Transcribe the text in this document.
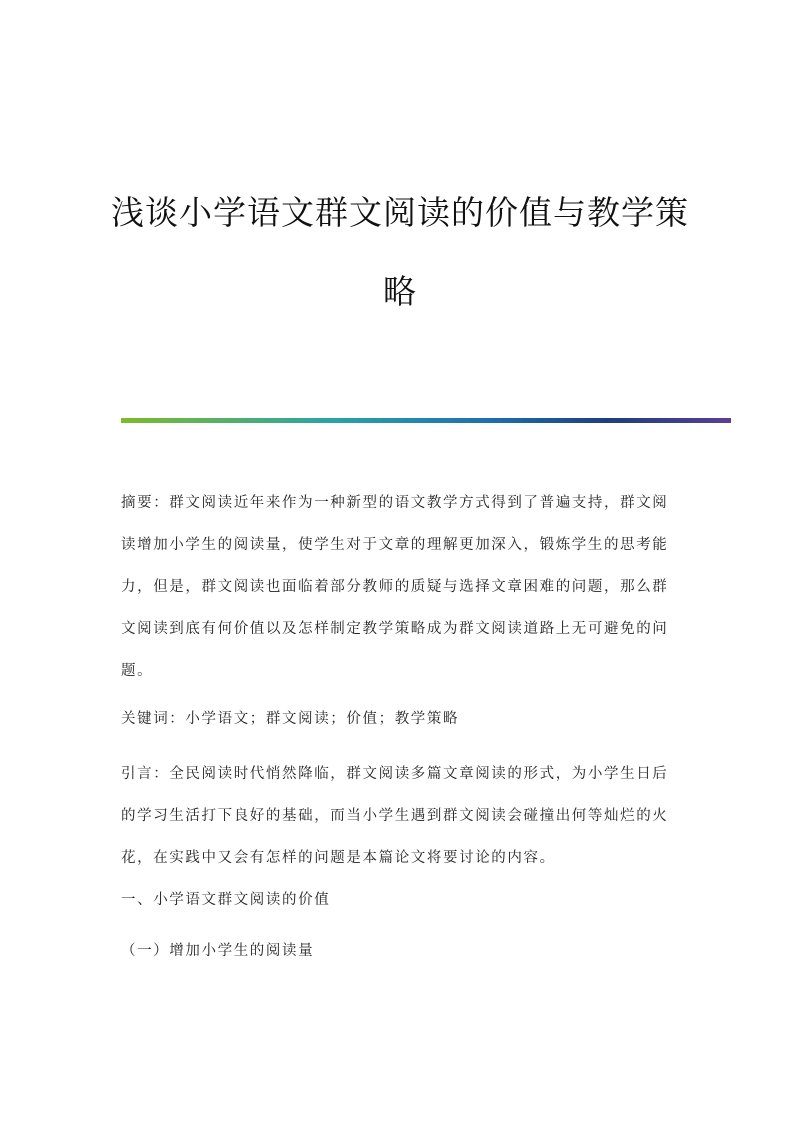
浅谈小学语文群文阅读的价值与教学策
略

摘要：群文阅读近年来作为一种新型的语文教学方式得到了普遍支持，群文阅读增加小学生的阅读量，使学生对于文章的理解更加深入，锻炼学生的思考能力，但是，群文阅读也面临着部分教师的质疑与选择文章困难的问题，那么群文阅读到底有何价值以及怎样制定教学策略成为群文阅读道路上无可避免的问题。

关键词：小学语文；群文阅读；价值；教学策略

引言：全民阅读时代悄然降临，群文阅读多篇文章阅读的形式，为小学生日后的学习生活打下良好的基础，而当小学生遇到群文阅读会碰撞出何等灿烂的火花，在实践中又会有怎样的问题是本篇论文将要讨论的内容。

一、小学语文群文阅读的价值

（一）增加小学生的阅读量
